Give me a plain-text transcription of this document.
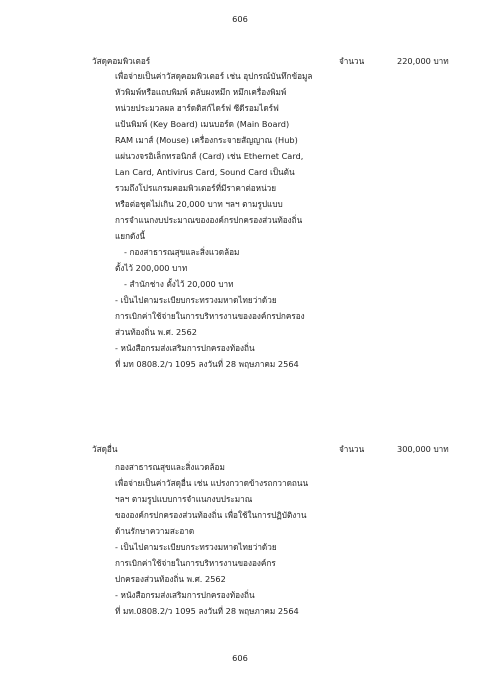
606
วัสดุคอมพิวเตอร์	จำนวน	220,000 บาท
เพื่อจ่ายเป็นค่าวัสดุคอมพิวเตอร์ เช่น อุปกรณ์บันทึกข้อมูล
หัวพิมพ์หรือแถบพิมพ์ ตลับผงหมึก หมึกเครื่องพิมพ์
หน่วยประมวลผล ฮาร์ดดิสก์ไดร์ฟ ซีดีรอมไดร์ฟ
แป้นพิมพ์ (Key Board) เมนบอร์ด (Main Board)
RAM เมาส์ (Mouse) เครื่องกระจายสัญญาณ (Hub)
แผ่นวงจรอิเล็กทรอนิกส์ (Card) เช่น Ethernet Card,
Lan Card, Antivirus Card, Sound Card เป็นต้น
รวมถึงโปรแกรมคอมพิวเตอร์ที่มีราคาต่อหน่วย
หรือต่อชุดไม่เกิน 20,000 บาท ฯลฯ ตามรูปแบบ
การจำแนกงบประมาณขององค์กรปกครองส่วนท้องถิ่น
แยกดังนี้
- กองสาธารณสุขและสิ่งแวดล้อม
ตั้งไว้ 200,000 บาท
- สำนักช่าง ตั้งไว้ 20,000 บาท
- เป็นไปตามระเบียบกระทรวงมหาดไทยว่าด้วย
การเบิกค่าใช้จ่ายในการบริหารงานขององค์กรปกครอง
ส่วนท้องถิ่น พ.ศ. 2562
- หนังสือกรมส่งเสริมการปกครองท้องถิ่น
ที่ มท 0808.2/ว 1095 ลงวันที่ 28 พฤษภาคม 2564
วัสดุอื่น	จำนวน	300,000 บาท
กองสาธารณสุขและสิ่งแวดล้อม
เพื่อจ่ายเป็นค่าวัสดุอื่น เช่น แปรงกวาดข้างรถกวาดถนน
ฯลฯ ตามรูปแบบการจำแนกงบประมาณ
ขององค์กรปกครองส่วนท้องถิ่น เพื่อใช้ในการปฏิบัติงาน
ด้านรักษาความสะอาด
- เป็นไปตามระเบียบกระทรวงมหาดไทยว่าด้วย
การเบิกค่าใช้จ่ายในการบริหารงานขององค์กร
ปกครองส่วนท้องถิ่น พ.ศ. 2562
- หนังสือกรมส่งเสริมการปกครองท้องถิ่น
ที่ มท.0808.2/ว 1095 ลงวันที่ 28 พฤษภาคม 2564
606
